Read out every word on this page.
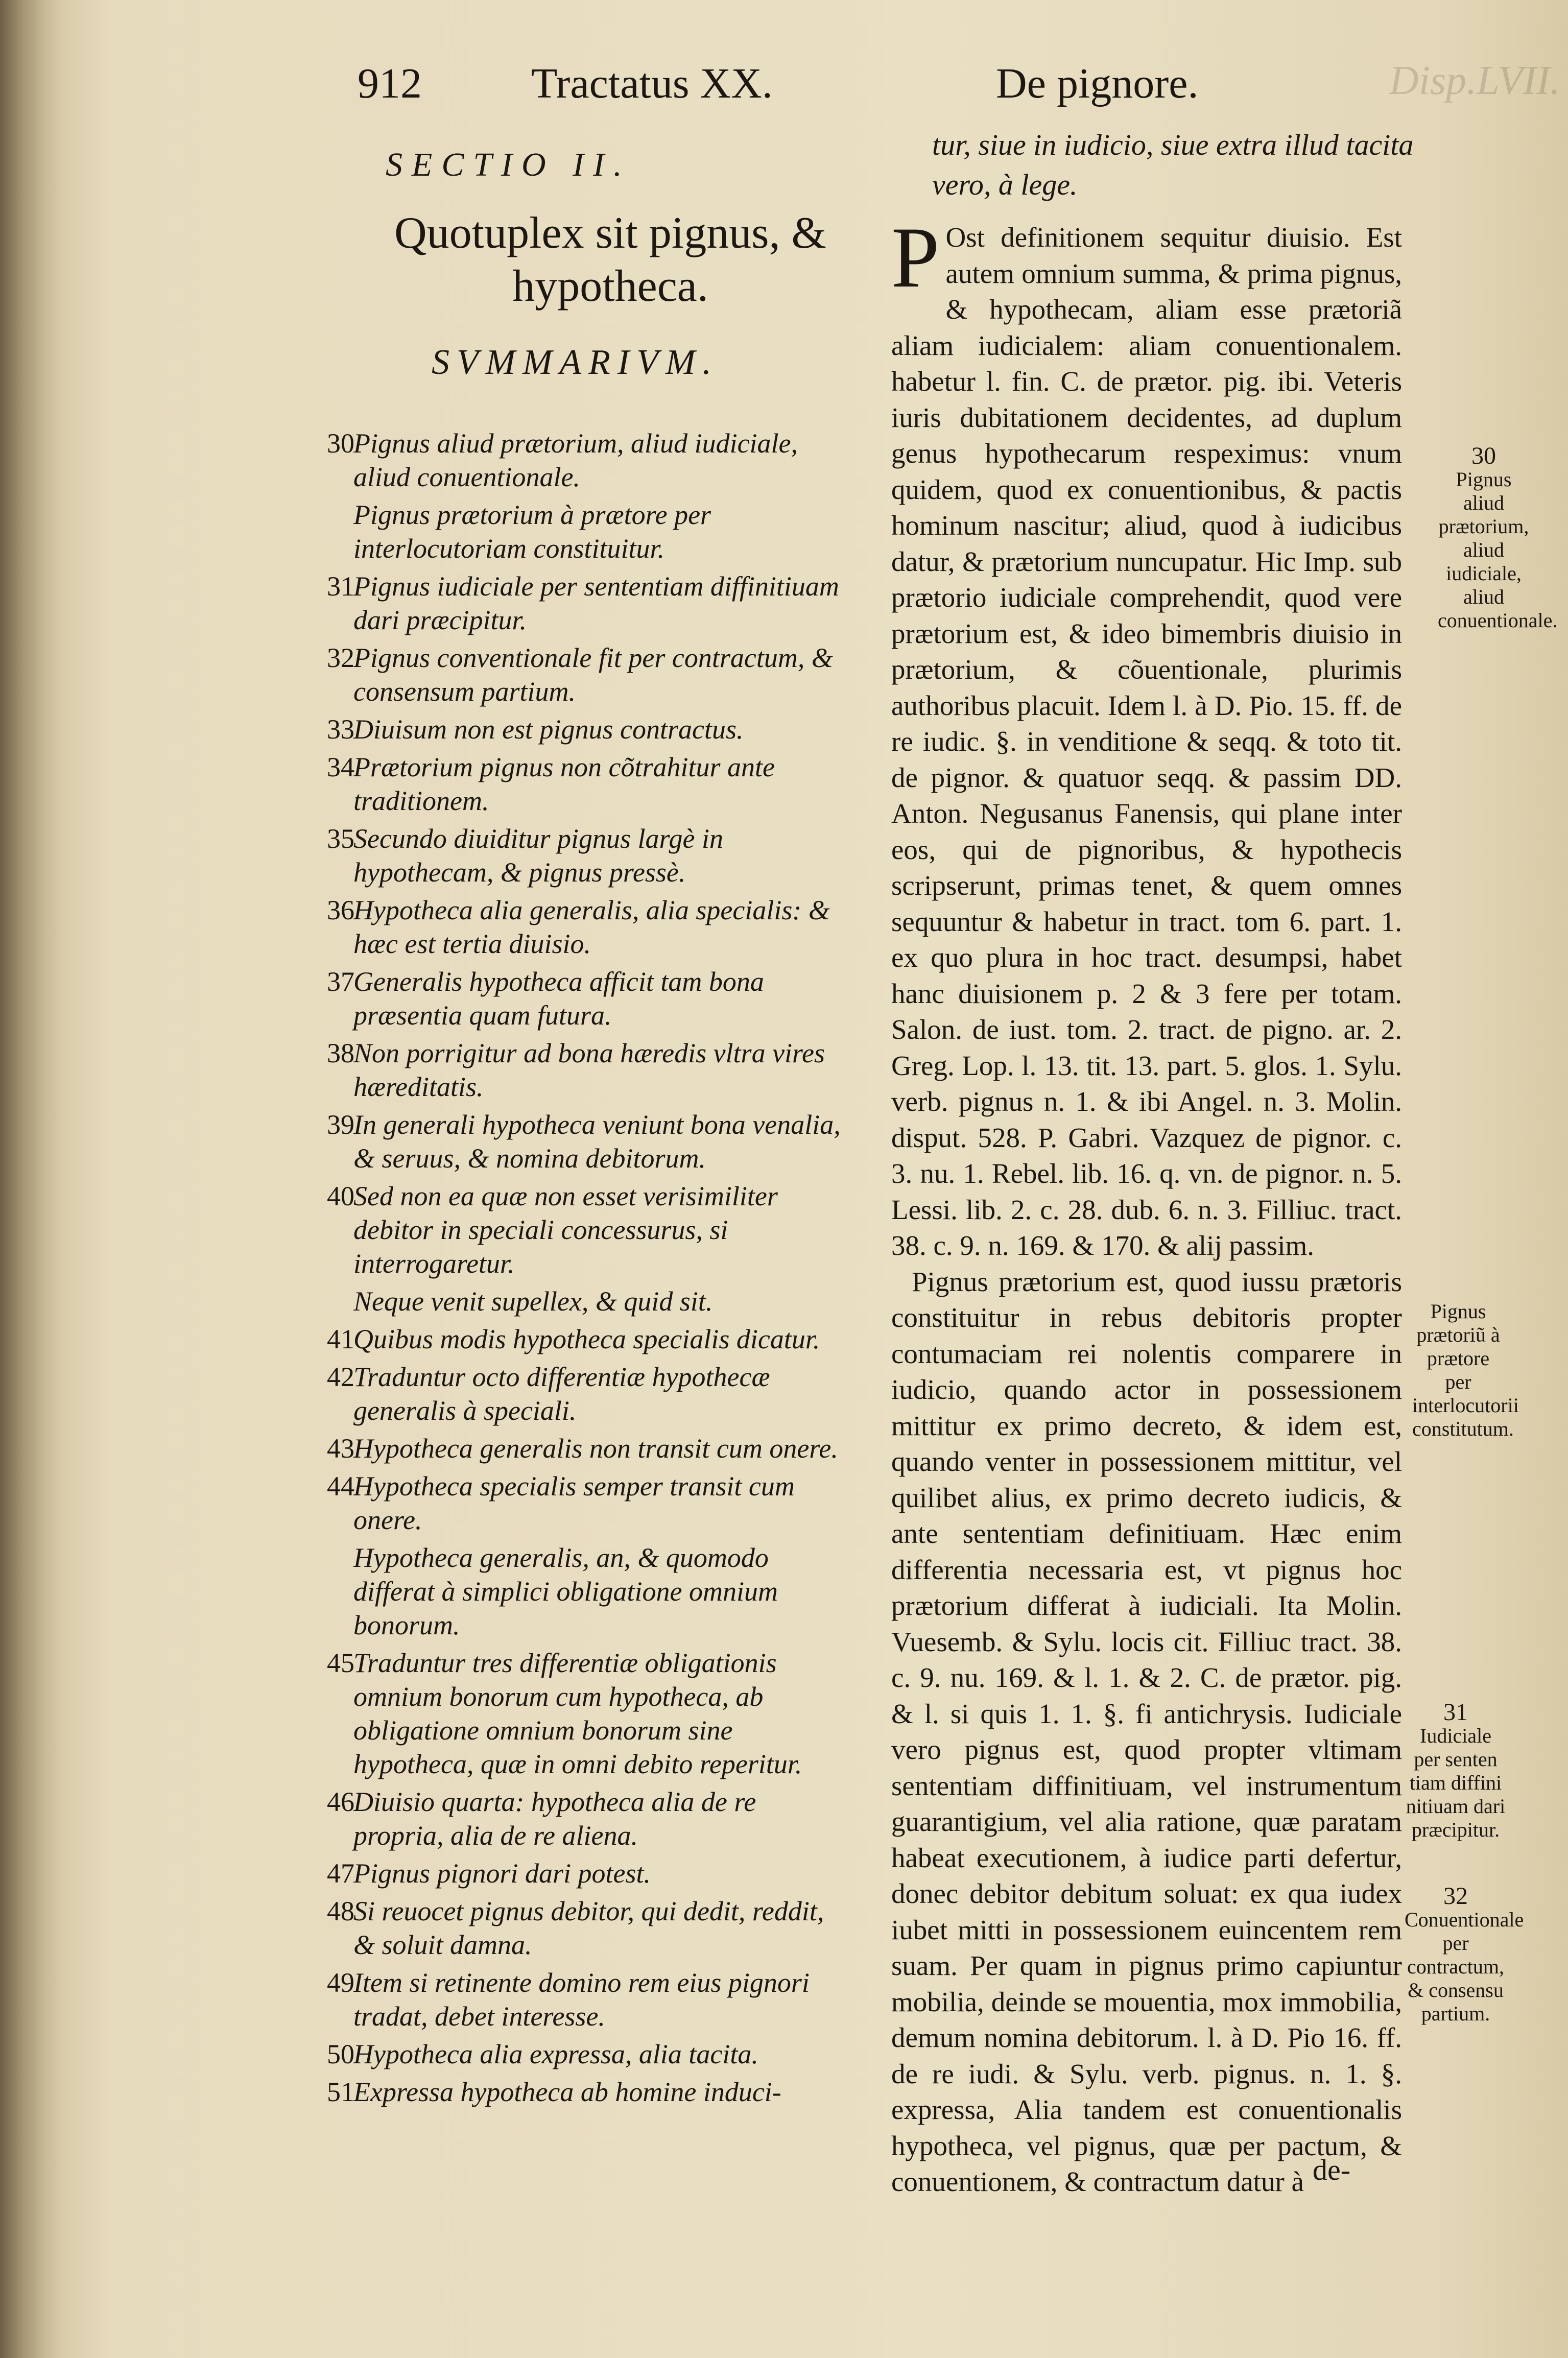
Disp.LVII.
912	Tractatus XX.	De pignore.
SECTIO II.
Quotuplex sit pignus, & hypotheca.
SVMMARIVM.
30
Pignus aliud prætorium, aliud iudiciale, aliud conuentionale.
Pignus prætorium à prætore per interlocutoriam constituitur.
31
Pignus iudiciale per sententiam diffinitiuam dari præcipitur.
32
Pignus conventionale fit per contractum, & consensum partium.
33
Diuisum non est pignus contractus.
34
Prætorium pignus non cõtrahitur ante traditionem.
35
Secundo diuiditur pignus largè in hypothecam, & pignus pressè.
36
Hypotheca alia generalis, alia specialis: & hæc est tertia diuisio.
37
Generalis hypotheca afficit tam bona præsentia quam futura.
38
Non porrigitur ad bona hæredis vltra vires hæreditatis.
39
In generali hypotheca veniunt bona venalia, & seruus, & nomina debitorum.
40
Sed non ea quæ non esset verisimiliter debitor in speciali concessurus, si interrogaretur.
Neque venit supellex, & quid sit.
41
Quibus modis hypotheca specialis dicatur.
42
Traduntur octo differentiæ hypothecæ generalis à speciali.
43
Hypotheca generalis non transit cum onere.
44
Hypotheca specialis semper transit cum onere.
Hypotheca generalis, an, & quomodo differat à simplici obligatione omnium bonorum.
45
Traduntur tres differentiæ obligationis omnium bonorum cum hypotheca, ab obligatione omnium bonorum sine hypotheca, quæ in omni debito reperitur.
46
Diuisio quarta: hypotheca alia de re propria, alia de re aliena.
47
Pignus pignori dari potest.
48
Si reuocet pignus debitor, qui dedit, reddit, & soluit damna.
49
Item si retinente domino rem eius pignori tradat, debet interesse.
50
Hypotheca alia expressa, alia tacita.
51
Expressa hypotheca ab homine induci-
tur, siue in iudicio, siue extra illud tacita vero, à lege.

P Ost definitionem sequitur diuisio. Est autem omnium summa, & prima pignus, & hypothecam, aliam esse prætoriã aliam iudicialem: aliam conuentionalem. habetur l. fin. C. de prætor. pig. ibi. Veteris iuris dubitationem decidentes, ad duplum genus hypothecarum respeximus: vnum quidem, quod ex conuentionibus, & pactis hominum nascitur; aliud, quod à iudicibus datur, & prætorium nuncupatur. Hic Imp. sub prætorio iudiciale comprehendit, quod vere prætorium est, & ideo bimembris diuisio in prætorium, & cõuentionale, plurimis authoribus placuit. Idem l. à D. Pio. 15. ff. de re iudic. §. in venditione & seqq. & toto tit. de pignor. & quatuor seqq. & passim DD. Anton. Negusanus Fanensis, qui plane inter eos, qui de pignoribus, & hypothecis scripserunt, primas tenet, & quem omnes sequuntur & habetur in tract. tom 6. part. 1. ex quo plura in hoc tract. desumpsi, habet hanc diuisionem p. 2 & 3 fere per totam. Salon. de iust. tom. 2. tract. de pigno. ar. 2. Greg. Lop. l. 13. tit. 13. part. 5. glos. 1. Sylu. verb. pignus n. 1. & ibi Angel. n. 3. Molin. disput. 528. P. Gabri. Vazquez de pignor. c. 3. nu. 1. Rebel. lib. 16. q. vn. de pignor. n. 5. Lessi. lib. 2. c. 28. dub. 6. n. 3. Filliuc. tract. 38. c. 9. n. 169. & 170. & alij passim.

Pignus prætorium est, quod iussu prætoris constituitur in rebus debitoris propter contumaciam rei nolentis comparere in iudicio, quando actor in possessionem mittitur ex primo decreto, & idem est, quando venter in possessionem mittitur, vel quilibet alius, ex primo decreto iudicis, & ante sententiam definitiuam. Hæc enim differentia necessaria est, vt pignus hoc prætorium differat à iudiciali. Ita Molin. Vuesemb. & Sylu. locis cit. Filliuc tract. 38. c. 9. nu. 169. & l. 1. & 2. C. de prætor. pig. & l. si quis 1. 1. §. fi antichrysis. Iudiciale vero pignus est, quod propter vltimam sententiam diffinitiuam, vel instrumentum guarantigium, vel alia ratione, quæ paratam habeat executionem, à iudice parti defertur, donec debitor debitum soluat: ex qua iudex iubet mitti in possessionem euincentem rem suam. Per quam in pignus primo capiuntur mobilia, deinde se mouentia, mox immobilia, demum nomina debitorum. l. à D. Pio 16. ff. de re iudi. & Sylu. verb. pignus. n. 1. §. expressa, Alia tandem est conuentionalis hypotheca, vel pignus, quæ per pactum, & conuentionem, & contractum datur à

30
Pignus aliud prætorium, aliud iudiciale, aliud conuentionale.
Pignus prætoriũ à prætore per interlocutorii constitutum.
31
Iudiciale per senten tiam diffini nitiuam dari præcipitur.
32
Conuentionale per contractum, & consensu partium.
de-
